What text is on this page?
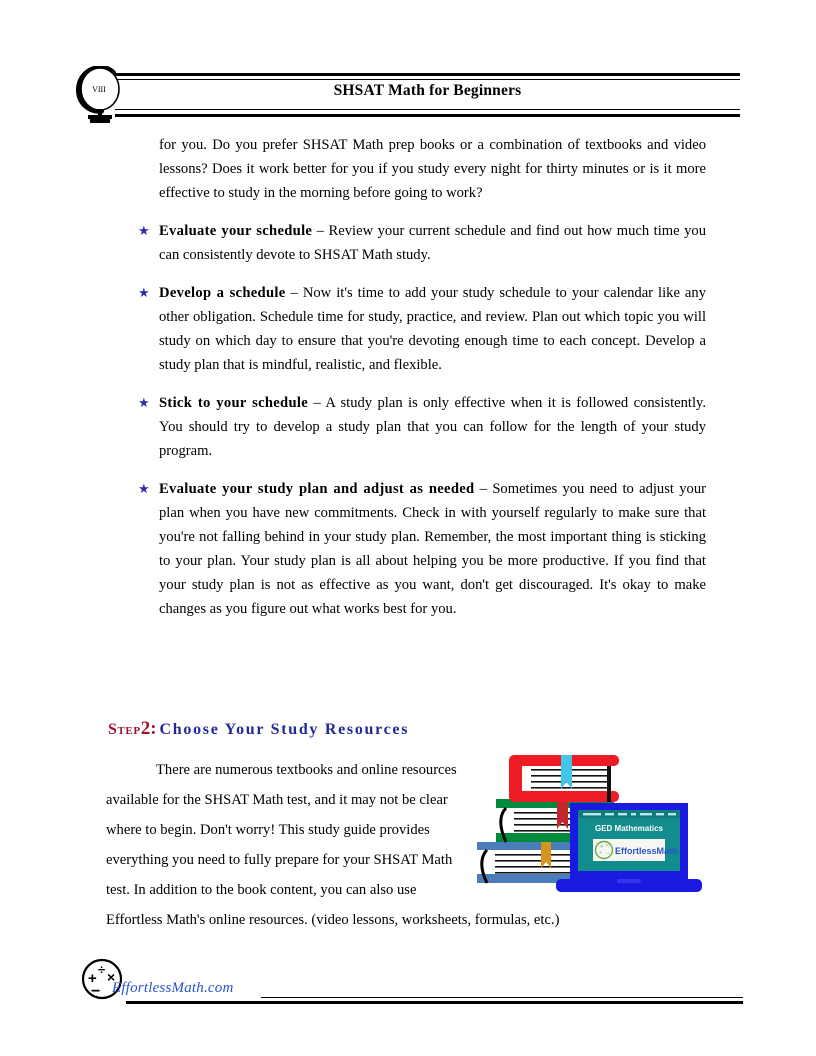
SHSAT Math for Beginners
viii

for you. Do you prefer SHSAT Math prep books or a combination of textbooks and video lessons? Does it work better for you if you study every night for thirty minutes or is it more effective to study in the morning before going to work?

★ Evaluate your schedule – Review your current schedule and find out how much time you can consistently devote to SHSAT Math study.
★ Develop a schedule – Now it's time to add your study schedule to your calendar like any other obligation. Schedule time for study, practice, and review. Plan out which topic you will study on which day to ensure that you're devoting enough time to each concept. Develop a study plan that is mindful, realistic, and flexible.
★ Stick to your schedule – A study plan is only effective when it is followed consistently. You should try to develop a study plan that you can follow for the length of your study program.
★ Evaluate your study plan and adjust as needed – Sometimes you need to adjust your plan when you have new commitments. Check in with yourself regularly to make sure that you're not falling behind in your study plan. Remember, the most important thing is sticking to your plan. Your study plan is all about helping you be more productive. If you find that your study plan is not as effective as you want, don't get discouraged. It's okay to make changes as you figure out what works best for you.
Step2: Choose Your Study Resources
GED Mathematics
+ ×
÷ − EffortlessMath

There are numerous textbooks and online resources available for the SHSAT Math test, and it may not be clear where to begin. Don't worry! This study guide provides everything you need to fully prepare for your SHSAT Math test. In addition to the book content, you can also use Effortless Math's online resources. (video lessons, worksheets, formulas, etc.)

+
÷ ×
− EffortlessMath.com
